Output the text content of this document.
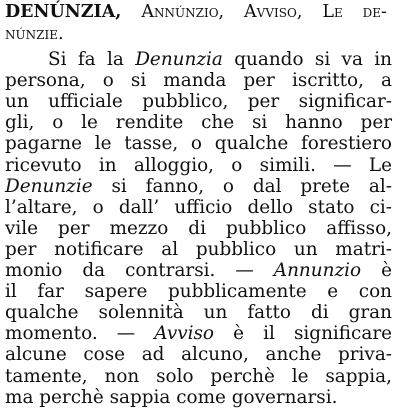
DENÚNZIA, Annúnzio, Avviso, Le de-
núnzie.
Si fa la Denunzia quando si va in
persona, o si manda per iscritto, a
un ufficiale pubblico, per significar-
gli, o le rendite che si hanno per
pagarne le tasse, o qualche forestiero
ricevuto in alloggio, o simili. — Le
Denunzie si fanno, o dal prete al-
l’altare, o dall’ ufficio dello stato ci-
vile per mezzo di pubblico affisso,
per notificare al pubblico un matri-
monio da contrarsi. — Annunzio è
il far sapere pubblicamente e con
qualche solennità un fatto di gran
momento. — Avviso è il significare
alcune cose ad alcuno, anche priva-
tamente, non solo perchè le sappia,
ma perchè sappia come governarsi.
